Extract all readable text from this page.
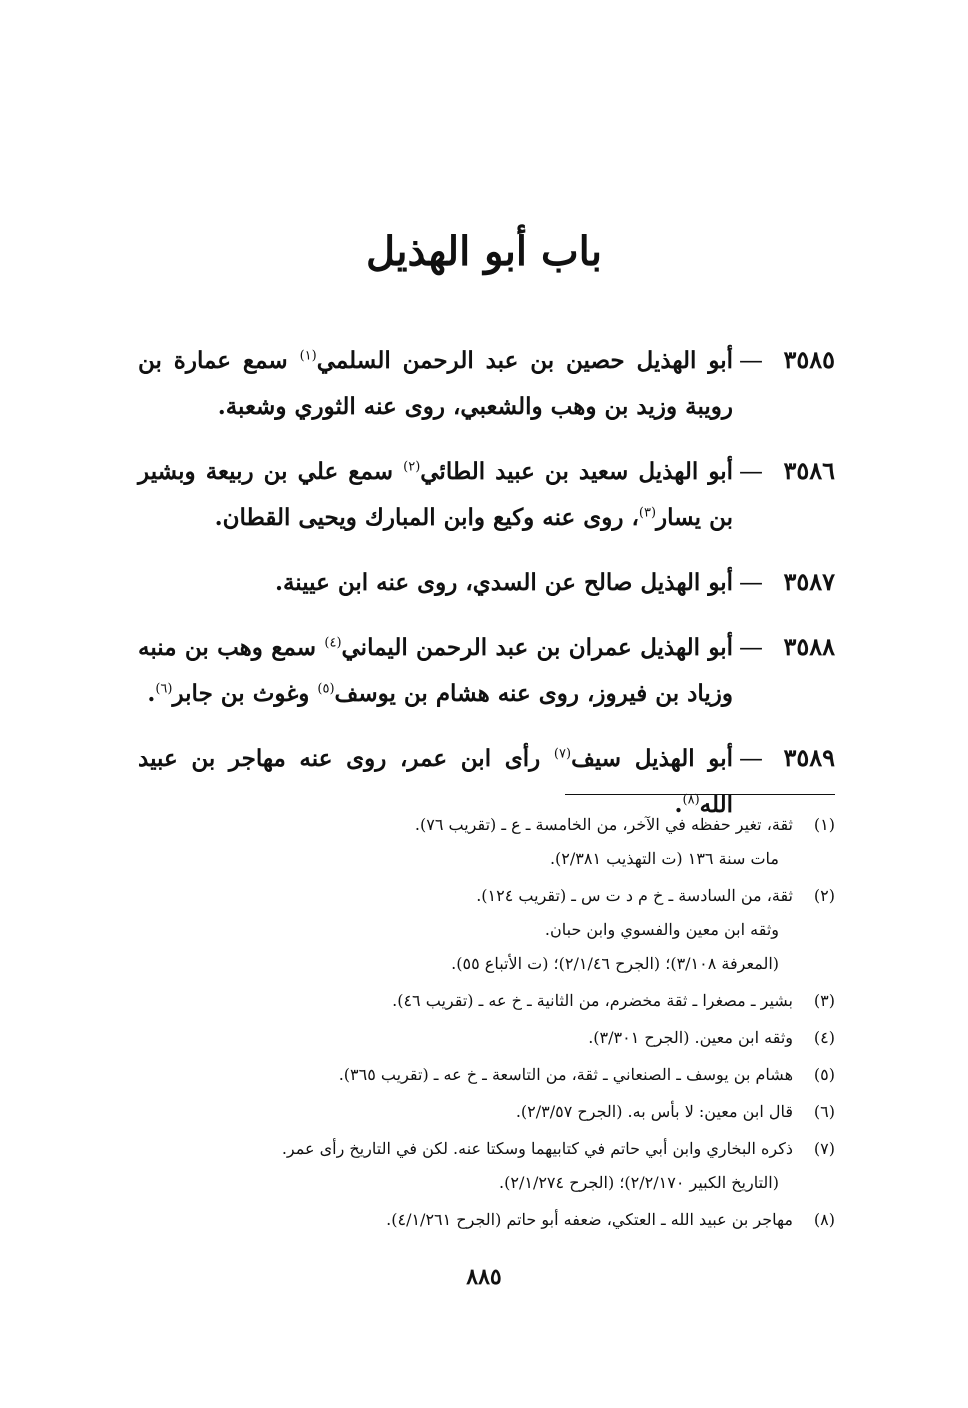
باب أبو الهذيل
٣٥٨٥
—
أبو الهذيل حصين بن عبد الرحمن السلمي$^{(١)}$ سمع عمارة بن رويبة وزيد بن وهب والشعبي، روى عنه الثوري وشعبة.
٣٥٨٦
—
أبو الهذيل سعيد بن عبيد الطائي$^{(٢)}$ سمع علي بن ربيعة وبشير بن يسار$^{(٣)}$، روى عنه وكيع وابن المبارك ويحيى القطان.
٣٥٨٧
—
أبو الهذيل صالح عن السدي، روى عنه ابن عيينة.
٣٥٨٨
—
أبو الهذيل عمران بن عبد الرحمن اليماني$^{(٤)}$ سمع وهب بن منبه وزياد بن فيروز، روى عنه هشام بن يوسف$^{(٥)}$ وغوث بن جابر$^{(٦)}$.
٣٥٨٩
—
أبو الهذيل سيف$^{(٧)}$ رأى ابن عمر، روى عنه مهاجر بن عبيد الله$^{(٨)}$.
(١)
ثقة، تغير حفظه في الآخر، من الخامسة ـ ع ـ (تقريب ٧٦).
مات سنة ١٣٦ (ت التهذيب ٢/٣٨١).
(٢)
ثقة، من السادسة ـ خ م د ت س ـ (تقريب ١٢٤).
وثقه ابن معين والفسوي وابن حبان.
(المعرفة ٣/١٠٨)؛ (الجرح ٢/١/٤٦)؛ (ت الأتباع ٥٥).
(٣)
بشير ـ مصغرا ـ ثقة مخضرم، من الثانية ـ خ عه ـ (تقريب ٤٦).
(٤)
وثقه ابن معين. (الجرح ٣/٣٠١).
(٥)
هشام بن يوسف ـ الصنعاني ـ ثقة، من التاسعة ـ خ عه ـ (تقريب ٣٦٥).
(٦)
قال ابن معين: لا بأس به. (الجرح ٢/٣/٥٧).
(٧)
ذكره البخاري وابن أبي حاتم في كتابيهما وسكتا عنه. لكن في التاريخ رأى عمر.
(التاريخ الكبير ٢/٢/١٧٠)؛ (الجرح ٢/١/٢٧٤).
(٨)
مهاجر بن عبيد الله ـ العتكي، ضعفه أبو حاتم (الجرح ٤/١/٢٦١).
٨٨٥
